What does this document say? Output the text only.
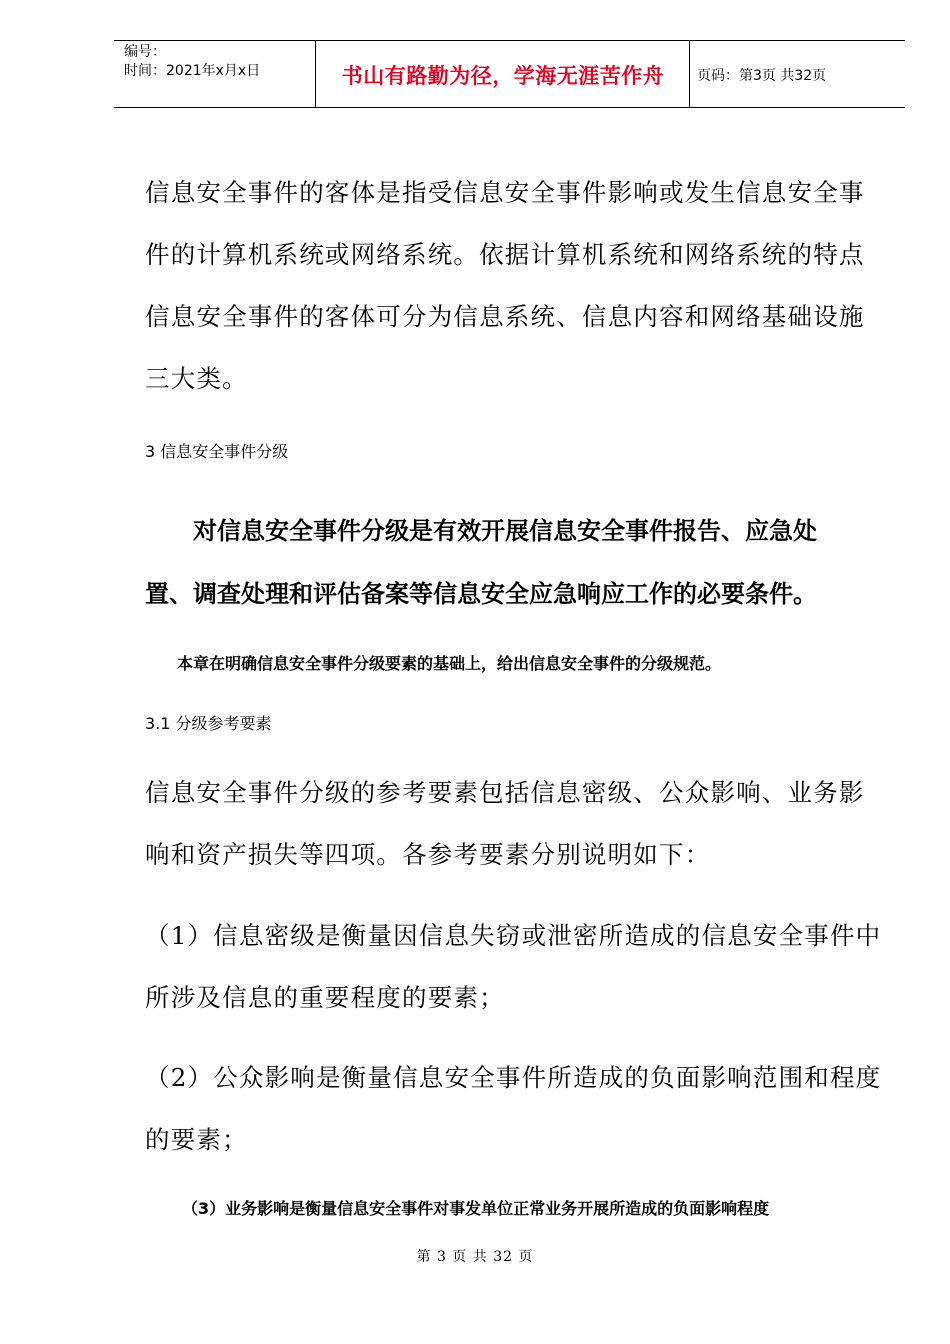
编号：
时间：2021年x月x日	书山有路勤为径，学海无涯苦作舟	页码：第3页 共32页
信息安全事件的客体是指受信息安全事件影响或发生信息安全事
件的计算机系统或网络系统。依据计算机系统和网络系统的特点
信息安全事件的客体可分为信息系统、信息内容和网络基础设施
三大类。
3 信息安全事件分级
对信息安全事件分级是有效开展信息安全事件报告、应急处
置、调查处理和评估备案等信息安全应急响应工作的必要条件。
本章在明确信息安全事件分级要素的基础上，给出信息安全事件的分级规范。
3.1 分级参考要素
信息安全事件分级的参考要素包括信息密级、公众影响、业务影
响和资产损失等四项。各参考要素分别说明如下：
（1）信息密级是衡量因信息失窃或泄密所造成的信息安全事件中
所涉及信息的重要程度的要素；
（2）公众影响是衡量信息安全事件所造成的负面影响范围和程度
的要素；
（3）业务影响是衡量信息安全事件对事发单位正常业务开展所造成的负面影响程度
第 3 页 共 32 页
